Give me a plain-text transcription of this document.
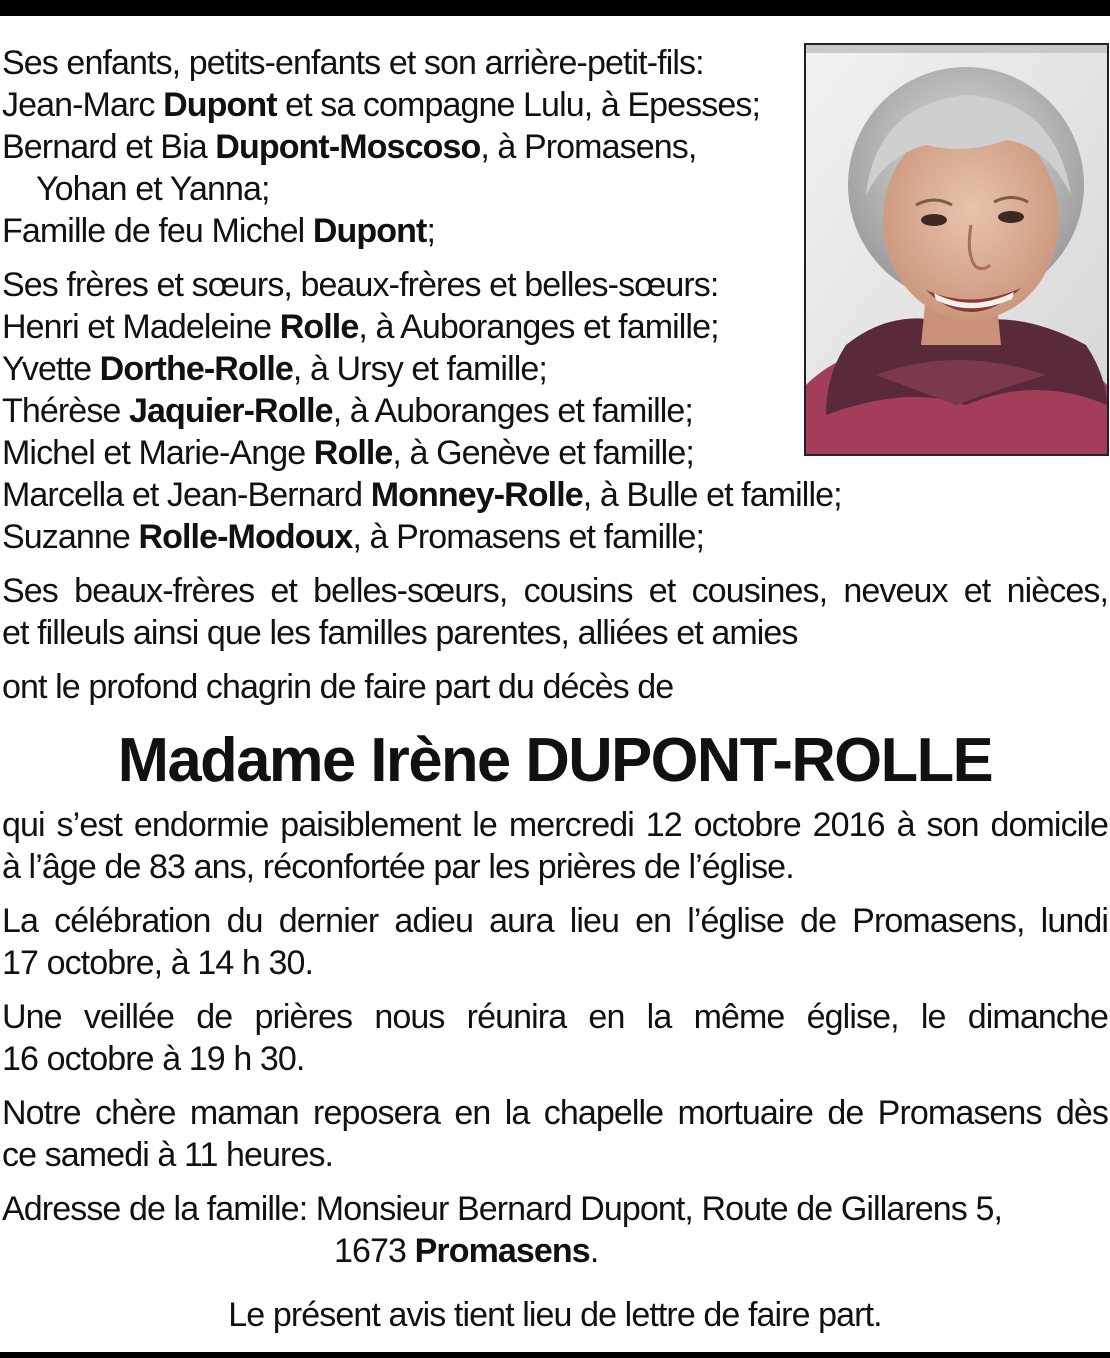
Ses enfants, petits-enfants et son arrière-petit-fils:
Jean-Marc Dupont et sa compagne Lulu, à Epesses;
Bernard et Bia Dupont-Moscoso, à Promasens,
Yohan et Yanna;
Famille de feu Michel Dupont;
Ses frères et sœurs, beaux-frères et belles-sœurs:
Henri et Madeleine Rolle, à Auboranges et famille;
Yvette Dorthe-Rolle, à Ursy et famille;
Thérèse Jaquier-Rolle, à Auboranges et famille;
Michel et Marie-Ange Rolle, à Genève et famille;
Marcella et Jean-Bernard Monney-Rolle, à Bulle et famille;
Suzanne Rolle-Modoux, à Promasens et famille;
Ses beaux-frères et belles-sœurs, cousins et cousines, neveux et nièces,
et filleuls ainsi que les familles parentes, alliées et amies
ont le profond chagrin de faire part du décès de
Madame Irène DUPONT-ROLLE
qui s’est endormie paisiblement le mercredi 12 octobre 2016 à son domicile
à l’âge de 83 ans, réconfortée par les prières de l’église.
La célébration du dernier adieu aura lieu en l’église de Promasens, lundi
17 octobre, à 14 h 30.
Une veillée de prières nous réunira en la même église, le dimanche
16 octobre à 19 h 30.
Notre chère maman reposera en la chapelle mortuaire de Promasens dès
ce samedi à 11 heures.
Adresse de la famille: Monsieur Bernard Dupont, Route de Gillarens 5,
1673 Promasens.
Le présent avis tient lieu de lettre de faire part.
